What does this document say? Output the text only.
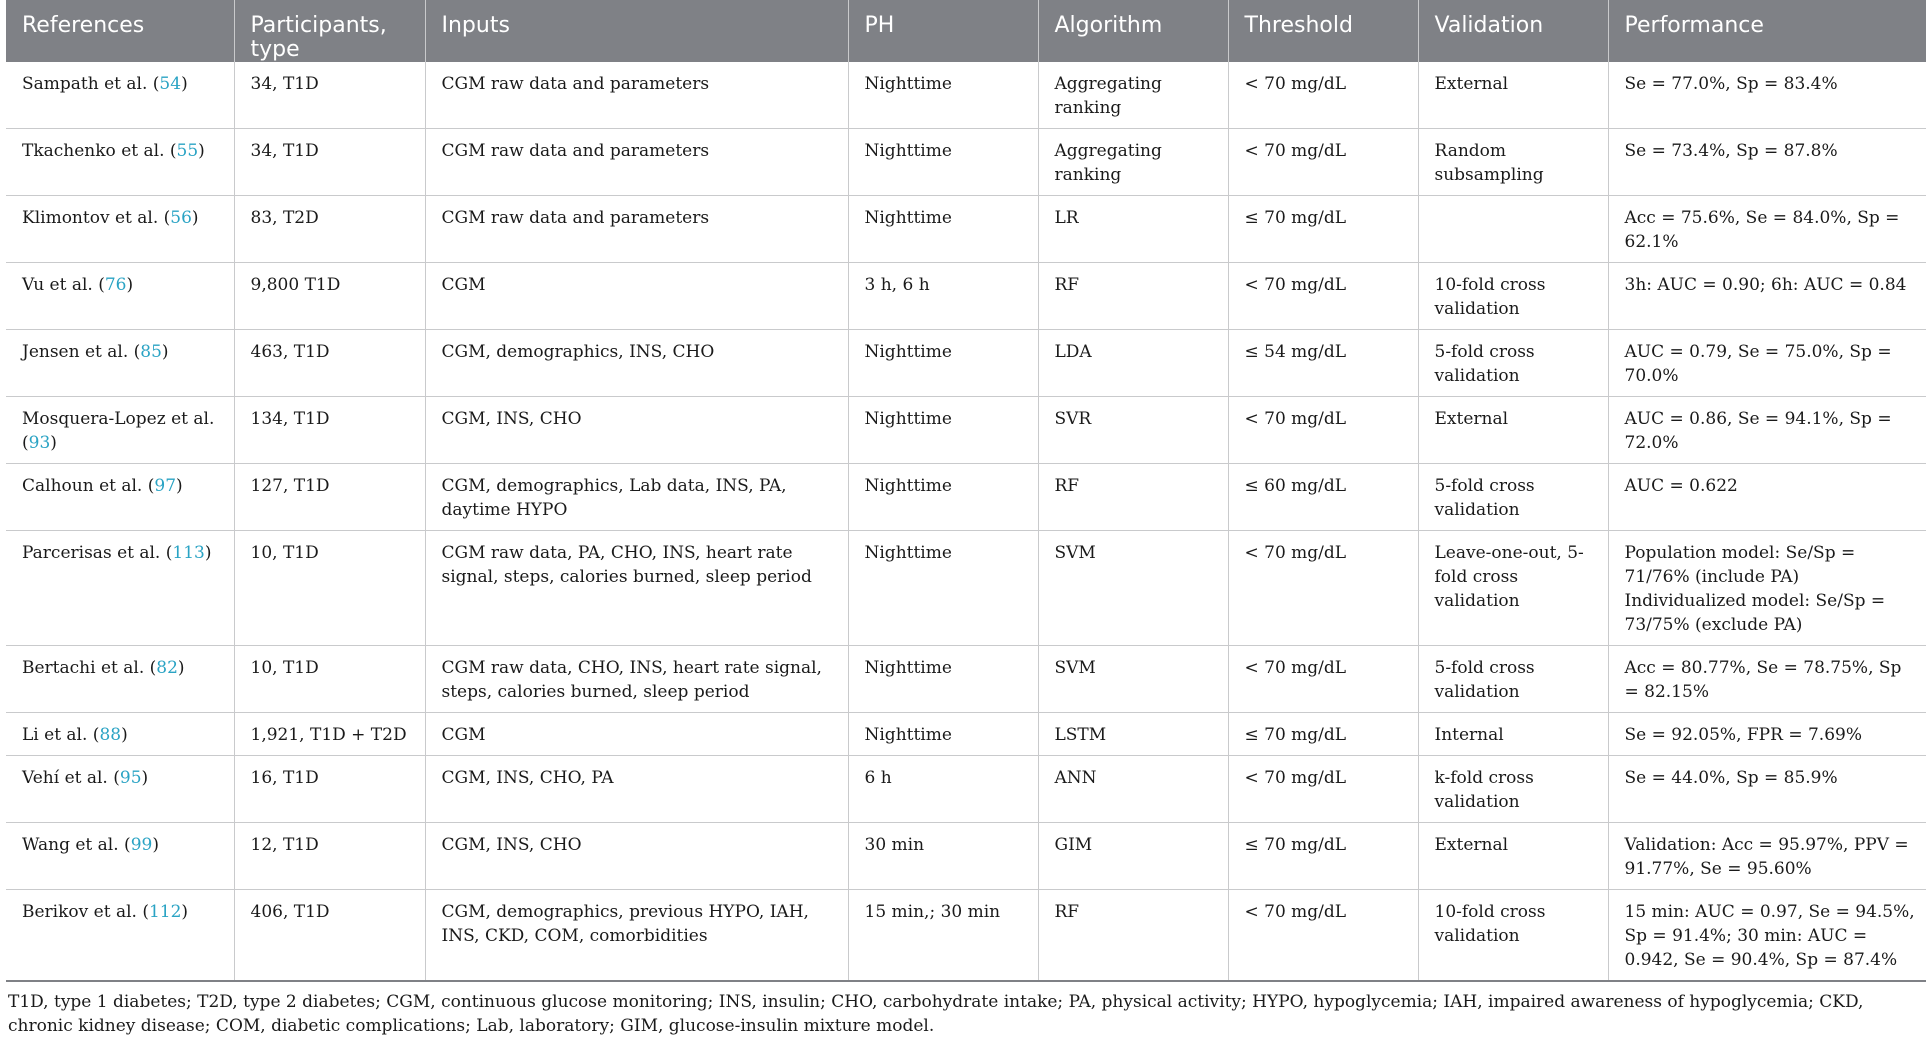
References	Participants, type	Inputs	PH	Algorithm	Threshold	Validation	Performance
Sampath et al. (54)	34, T1D	CGM raw data and parameters	Nighttime	Aggregating ranking	< 70 mg/dL	External	Se = 77.0%, Sp = 83.4%
Tkachenko et al. (55)	34, T1D	CGM raw data and parameters	Nighttime	Aggregating ranking	< 70 mg/dL	Random subsampling	Se = 73.4%, Sp = 87.8%
Klimontov et al. (56)	83, T2D	CGM raw data and parameters	Nighttime	LR	≤ 70 mg/dL		Acc = 75.6%, Se = 84.0%, Sp = 62.1%
Vu et al. (76)	9,800 T1D	CGM	3 h, 6 h	RF	< 70 mg/dL	10-fold cross validation	3h: AUC = 0.90; 6h: AUC = 0.84
Jensen et al. (85)	463, T1D	CGM, demographics, INS, CHO	Nighttime	LDA	≤ 54 mg/dL	5-fold cross validation	AUC = 0.79, Se = 75.0%, Sp = 70.0%
Mosquera-Lopez et al. (93)	134, T1D	CGM, INS, CHO	Nighttime	SVR	< 70 mg/dL	External	AUC = 0.86, Se = 94.1%, Sp = 72.0%
Calhoun et al. (97)	127, T1D	CGM, demographics, Lab data, INS, PA, daytime HYPO	Nighttime	RF	≤ 60 mg/dL	5-fold cross validation	AUC = 0.622
Parcerisas et al. (113)	10, T1D	CGM raw data, PA, CHO, INS, heart rate signal, steps, calories burned, sleep period	Nighttime	SVM	< 70 mg/dL	Leave-one-out, 5-fold cross validation	Population model: Se/Sp = 71/76% (include PA) Individualized model: Se/Sp = 73/75% (exclude PA)
Bertachi et al. (82)	10, T1D	CGM raw data, CHO, INS, heart rate signal, steps, calories burned, sleep period	Nighttime	SVM	< 70 mg/dL	5-fold cross validation	Acc = 80.77%, Se = 78.75%, Sp = 82.15%
Li et al. (88)	1,921, T1D + T2D	CGM	Nighttime	LSTM	≤ 70 mg/dL	Internal	Se = 92.05%, FPR = 7.69%
Vehí et al. (95)	16, T1D	CGM, INS, CHO, PA	6 h	ANN	< 70 mg/dL	k-fold cross validation	Se = 44.0%, Sp = 85.9%
Wang et al. (99)	12, T1D	CGM, INS, CHO	30 min	GIM	≤ 70 mg/dL	External	Validation: Acc = 95.97%, PPV = 91.77%, Se = 95.60%
Berikov et al. (112)	406, T1D	CGM, demographics, previous HYPO, IAH, INS, CKD, COM, comorbidities	15 min,; 30 min	RF	< 70 mg/dL	10-fold cross validation	15 min: AUC = 0.97, Se = 94.5%, Sp = 91.4%; 30 min: AUC = 0.942, Se = 90.4%, Sp = 87.4%
T1D, type 1 diabetes; T2D, type 2 diabetes; CGM, continuous glucose monitoring; INS, insulin; CHO, carbohydrate intake; PA, physical activity; HYPO, hypoglycemia; IAH, impaired awareness of hypoglycemia; CKD, chronic kidney disease; COM, diabetic complications; Lab, laboratory; GIM, glucose-insulin mixture model.
